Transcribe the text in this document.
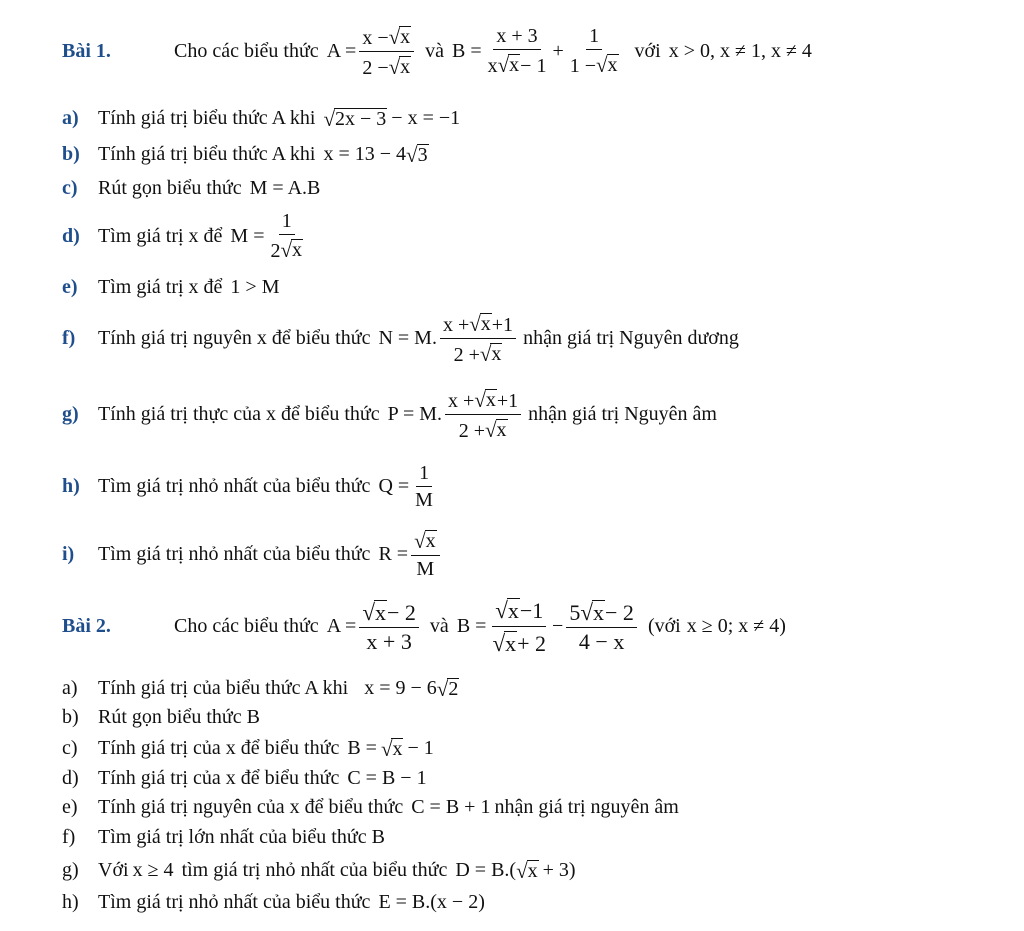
Bài 1.	Cho các biểu thức $A = \frac{x - √ x}{2 - √ x}$ và $B = \frac{x + 3}{x √ x - 1} + \frac{1}{1 - √ x}$ với x > 0, x ≠ 1, x ≠ 4
a) Tính giá trị biểu thức A khi √ 2x − 3 − x = −1
b) Tính giá trị biểu thức A khi x = 13 − 4 √ 3
c)	Rút gọn biểu thức M = A.B
d) Tìm giá trị x để $M = \frac{1}{2 √ x}$
e)	Tìm giá trị x để 1 > M
f)	Tính giá trị nguyên x để biểu thức N = M. $\frac{x + √ x +1}{2 + √ x}$ nhận giá trị Nguyên dương
g) Tính giá trị thực của x để biểu thức P = M. $\frac{x + √ x +1}{2 + √ x}$ nhận giá trị Nguyên âm
h) Tìm giá trị nhỏ nhất của biểu thức $Q = \frac{1}{M}$
i)	Tìm giá trị nhỏ nhất của biểu thức $R = \frac{√ x}{M}$
Bài 2.	Cho các biểu thức $A = \frac{√ x - 2}{x + 3}$ và $B = \frac{√ x -1}{√ x + 2} - \frac{5 √ x - 2}{4 - x}$ (với x ≥ 0; x ≠ 4)
a)	Tính giá trị của biểu thức A khi x = 9 − 6 √ 2
b) Rút gọn biểu thức B
c)	Tính giá trị của x để biểu thức B = √ x − 1
d) Tính giá trị của x để biểu thức C = B − 1
e)	Tính giá trị nguyên của x để biểu thức C = B + 1 nhận giá trị nguyên âm
f)	Tìm giá trị lớn nhất của biểu thức B
g) Với x ≥ 4 tìm giá trị nhỏ nhất của biểu thức D = B.( √ x + 3)
h) Tìm giá trị nhỏ nhất của biểu thức E = B.(x − 2)
